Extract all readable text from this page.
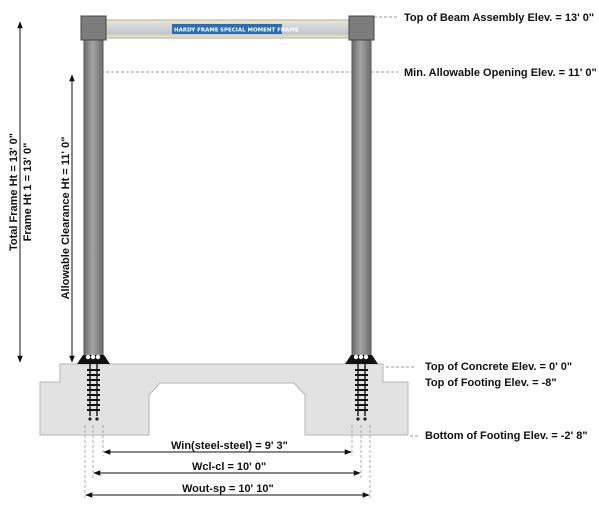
HARDY FRAME SPECIAL MOMENT FRAME
Win(steel-steel) = 9' 3"
Wcl-cl = 10' 0"
Wout-sp = 10' 10"
Top of Beam Assembly Elev. = 13' 0"
Min. Allowable Opening Elev. = 11' 0"
Top of Concrete Elev. = 0' 0"
Top of Footing Elev. = -8"
Bottom of Footing Elev. = -2' 8"
Total Frame Ht = 13' 0" Frame Ht 1 = 13' 0" Allowable Clearance Ht = 11' 0"
